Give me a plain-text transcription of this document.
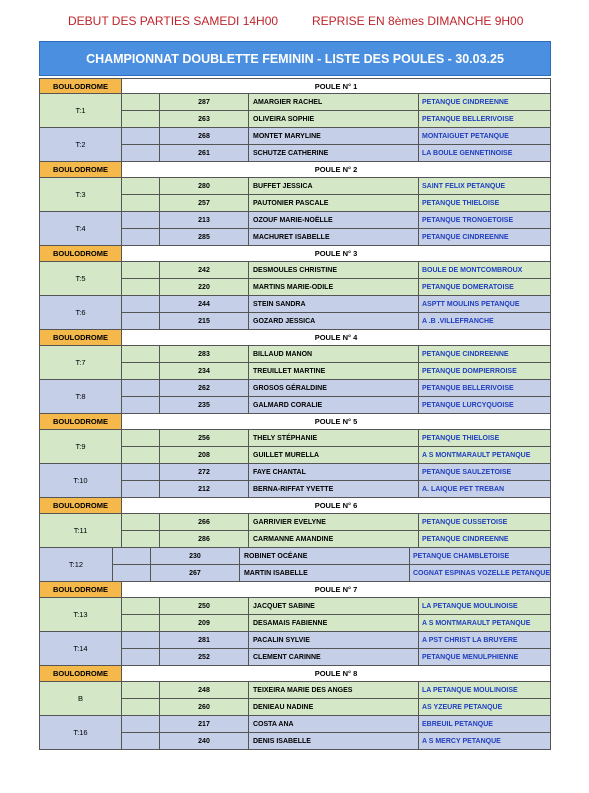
DEBUT DES PARTIES SAMEDI 14H00	REPRISE EN 8èmes DIMANCHE 9H00
CHAMPIONNAT DOUBLETTE FEMININ - LISTE DES POULES - 30.03.25
BOULODROME	POULE N° 1
T:1
287	AMARGIER RACHEL	PETANQUE CINDREENNE
263	OLIVEIRA SOPHIE	PETANQUE BELLERIVOISE
T:2
268	MONTET MARYLINE	MONTAIGUET PETANQUE
261	SCHUTZE CATHERINE	LA BOULE GENNETINOISE
BOULODROME	POULE N° 2
T:3
280	BUFFET JESSICA	SAINT FELIX PETANQUE
257	PAUTONIER PASCALE	PETANQUE THIELOISE
T:4
213	OZOUF MARIE-NOËLLE	PETANQUE TRONGETOISE
285	MACHURET ISABELLE	PETANQUE CINDREENNE
BOULODROME	POULE N° 3
T:5
242	DESMOULES CHRISTINE	BOULE DE MONTCOMBROUX
220	MARTINS MARIE-ODILE	PETANQUE DOMERATOISE
T:6
244	STEIN SANDRA	ASPTT MOULINS PETANQUE
215	GOZARD JESSICA	A .B .VILLEFRANCHE
BOULODROME	POULE N° 4
T:7
283	BILLAUD MANON	PETANQUE CINDREENNE
234	TREUILLET MARTINE	PETANQUE DOMPIERROISE
T:8
262	GROSOS GÉRALDINE	PETANQUE BELLERIVOISE
235	GALMARD CORALIE	PETANQUE LURCYQUOISE
BOULODROME	POULE N° 5
T:9
256	THELY STÉPHANIE	PETANQUE THIELOISE
208	GUILLET MURELLA	A S MONTMARAULT PETANQUE
T:10
272	FAYE CHANTAL	PETANQUE SAULZETOISE
212	BERNA-RIFFAT YVETTE	A. LAIQUE PET TREBAN
BOULODROME	POULE N° 6
T:11
266	GARRIVIER EVELYNE	PETANQUE CUSSETOISE
286	CARMANNE AMANDINE	PETANQUE CINDREENNE
T:12
230	ROBINET OCÉANE	PETANQUE CHAMBLETOISE
267	MARTIN ISABELLE	COGNAT ESPINAS VOZELLE PETANQUE
BOULODROME	POULE N° 7
T:13
250	JACQUET SABINE	LA PETANQUE MOULINOISE
209	DESAMAIS FABIENNE	A S MONTMARAULT PETANQUE
T:14
281	PACALIN SYLVIE	A PST CHRIST LA BRUYERE
252	CLEMENT CARINNE	PETANQUE MENULPHIENNE
BOULODROME	POULE N° 8
B
248	TEIXEIRA MARIE DES ANGES	LA PETANQUE MOULINOISE
260	DENIEAU NADINE	AS YZEURE PETANQUE
T:16
217	COSTA ANA	EBREUIL PETANQUE
240	DENIS ISABELLE	A S MERCY PETANQUE
